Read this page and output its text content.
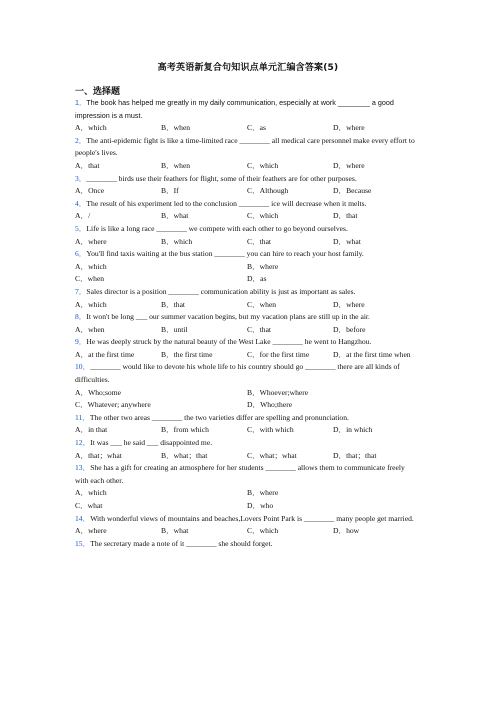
高考英语新复合句知识点单元汇编含答案(5)
一、选择题
1．The book has helped me greatly in my daily communication, especially at work ________ a good impression is a must.
A．which	B．when	C．as	D．where
2．The anti-epidemic fight is like a time-limited race ________ all medical care personnel make every effort to people's lives.
A．that	B．when	C．which	D．where
3．________ birds use their feathers for flight, some of their feathers are for other purposes.
A．Once	B．If	C．Although	D．Because
4．The result of his experiment led to the conclusion ________ ice will decrease when it melts.
A．/	B．what	C．which	D．that
5．Life is like a long race ________ we compete with each other to go beyond ourselves.
A．where	B．which	C．that	D．what
6．You'll find taxis waiting at the bus station ________ you can hire to reach your host family.
A．which	B．where
C．when	D．as
7．Sales director is a position ________ communication ability is just as important as sales.
A．which	B．that	C．when	D．where
8．It won't be long ___ our summer vacation begins, but my vacation plans are still up in the air.
A．when	B．until	C．that	D．before
9．He was deeply struck by the natural beauty of the West Lake ________ he went to Hangzhou.
A．at the first time	B．the first time	C．for the first time	D．at the first time when
10．________ would like to devote his whole life to his country should go ________ there are all kinds of difficulties.
A．Who;some	B．Whoever;where
C．Whatever; anywhere	D．Who;there
11．The other two areas ________ the two varieties differ are spelling and pronunciation.
A．in that	B．from which	C．with which	D．in which
12．It was ___ he said ___ disappointed me.
A．that；what	B．what；that	C．what；what	D．that；that
13．She has a gift for creating an atmosphere for her students ________ allows them to communicate freely with each other.
A．which	B．where
C．what	D．who
14．With wonderful views of mountains and beaches,Lovers Point Park is ________ many people get married.
A．where	B．what	C．which	D．how
15．The secretary made a note of it ________ she should forget.
